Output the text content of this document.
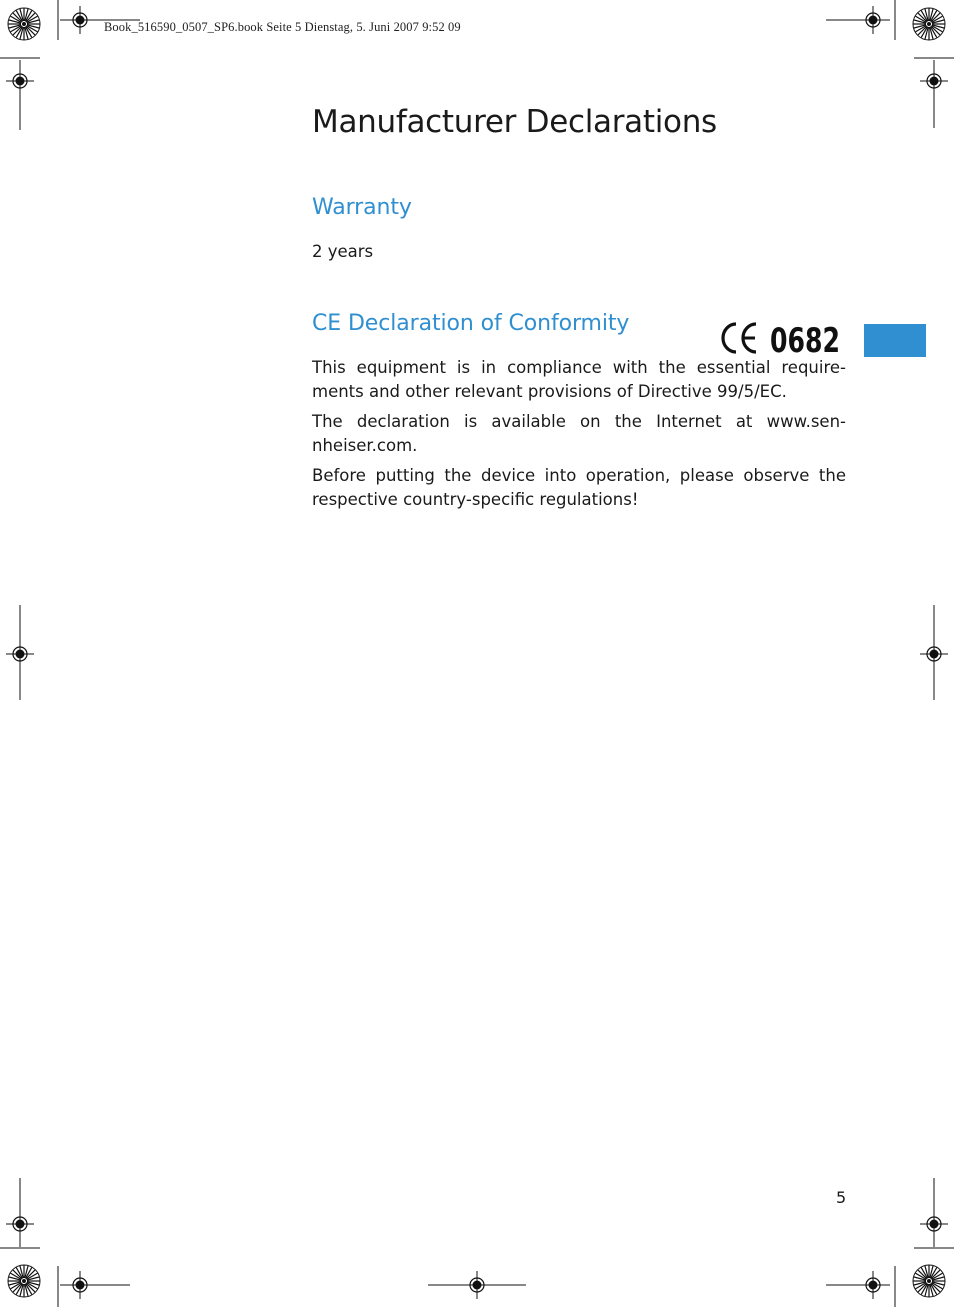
Book_516590_0507_SP6.book Seite 5 Dienstag, 5. Juni 2007 9:52 09
Manufacturer Declarations
Warranty

2 years

CE Declaration of Conformity	0682

This equipment is in compliance with the essential require-ments and other relevant provisions of Directive 99/5/EC.

The declaration is available on the Internet at www.sen-nheiser.com.

Before putting the device into operation, please observe the respective country-specific regulations!

5
